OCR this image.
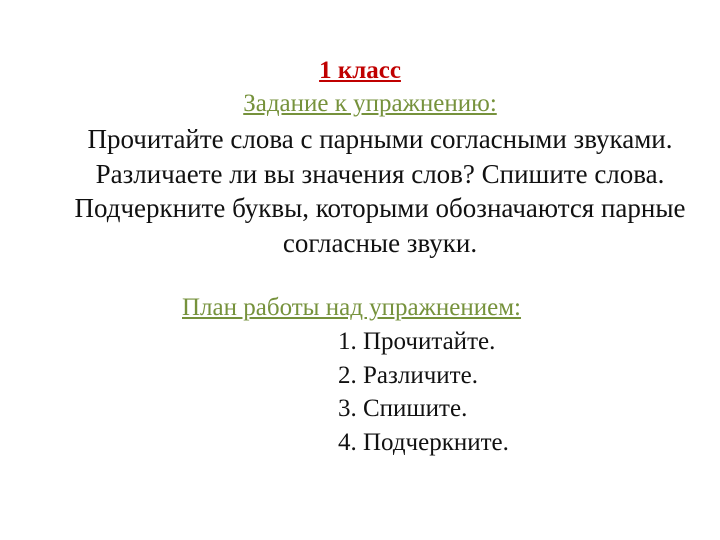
1 класс
Задание к упражнению:
Прочитайте слова с парными согласными звуками.
Различаете ли вы значения слов? Спишите слова.
Подчеркните буквы, которыми обозначаются парные
согласные звуки.
План работы над упражнением:
1. Прочитайте.
2. Различите.
3. Спишите.
4. Подчеркните.
